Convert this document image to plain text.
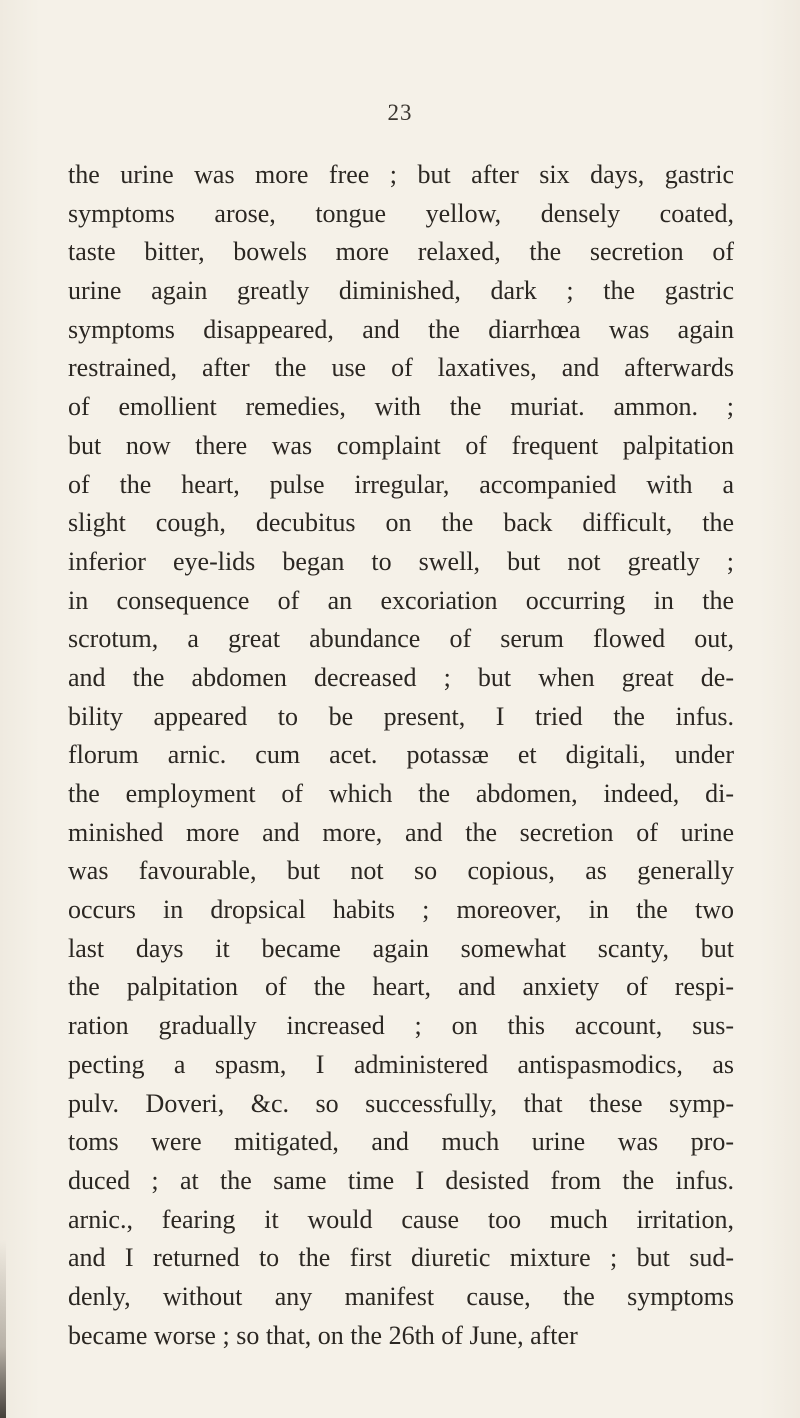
23
the urine was more free ; but after six days, gastric
symptoms arose, tongue yellow, densely coated,
taste bitter, bowels more relaxed, the secretion of
urine again greatly diminished, dark ; the gastric
symptoms disappeared, and the diarrhœa was again
restrained, after the use of laxatives, and afterwards
of emollient remedies, with the muriat. ammon. ;
but now there was complaint of frequent palpitation
of the heart, pulse irregular, accompanied with a
slight cough, decubitus on the back difficult, the
inferior eye-lids began to swell, but not greatly ;
in consequence of an excoriation occurring in the
scrotum, a great abundance of serum flowed out,
and the abdomen decreased ; but when great de-
bility appeared to be present, I tried the infus.
florum arnic. cum acet. potassæ et digitali, under
the employment of which the abdomen, indeed, di-
minished more and more, and the secretion of urine
was favourable, but not so copious, as generally
occurs in dropsical habits ; moreover, in the two
last days it became again somewhat scanty, but
the palpitation of the heart, and anxiety of respi-
ration gradually increased ; on this account, sus-
pecting a spasm, I administered antispasmodics, as
pulv. Doveri, &c. so successfully, that these symp-
toms were mitigated, and much urine was pro-
duced ; at the same time I desisted from the infus.
arnic., fearing it would cause too much irritation,
and I returned to the first diuretic mixture ; but sud-
denly, without any manifest cause, the symptoms
became worse ; so that, on the 26th of June, after
